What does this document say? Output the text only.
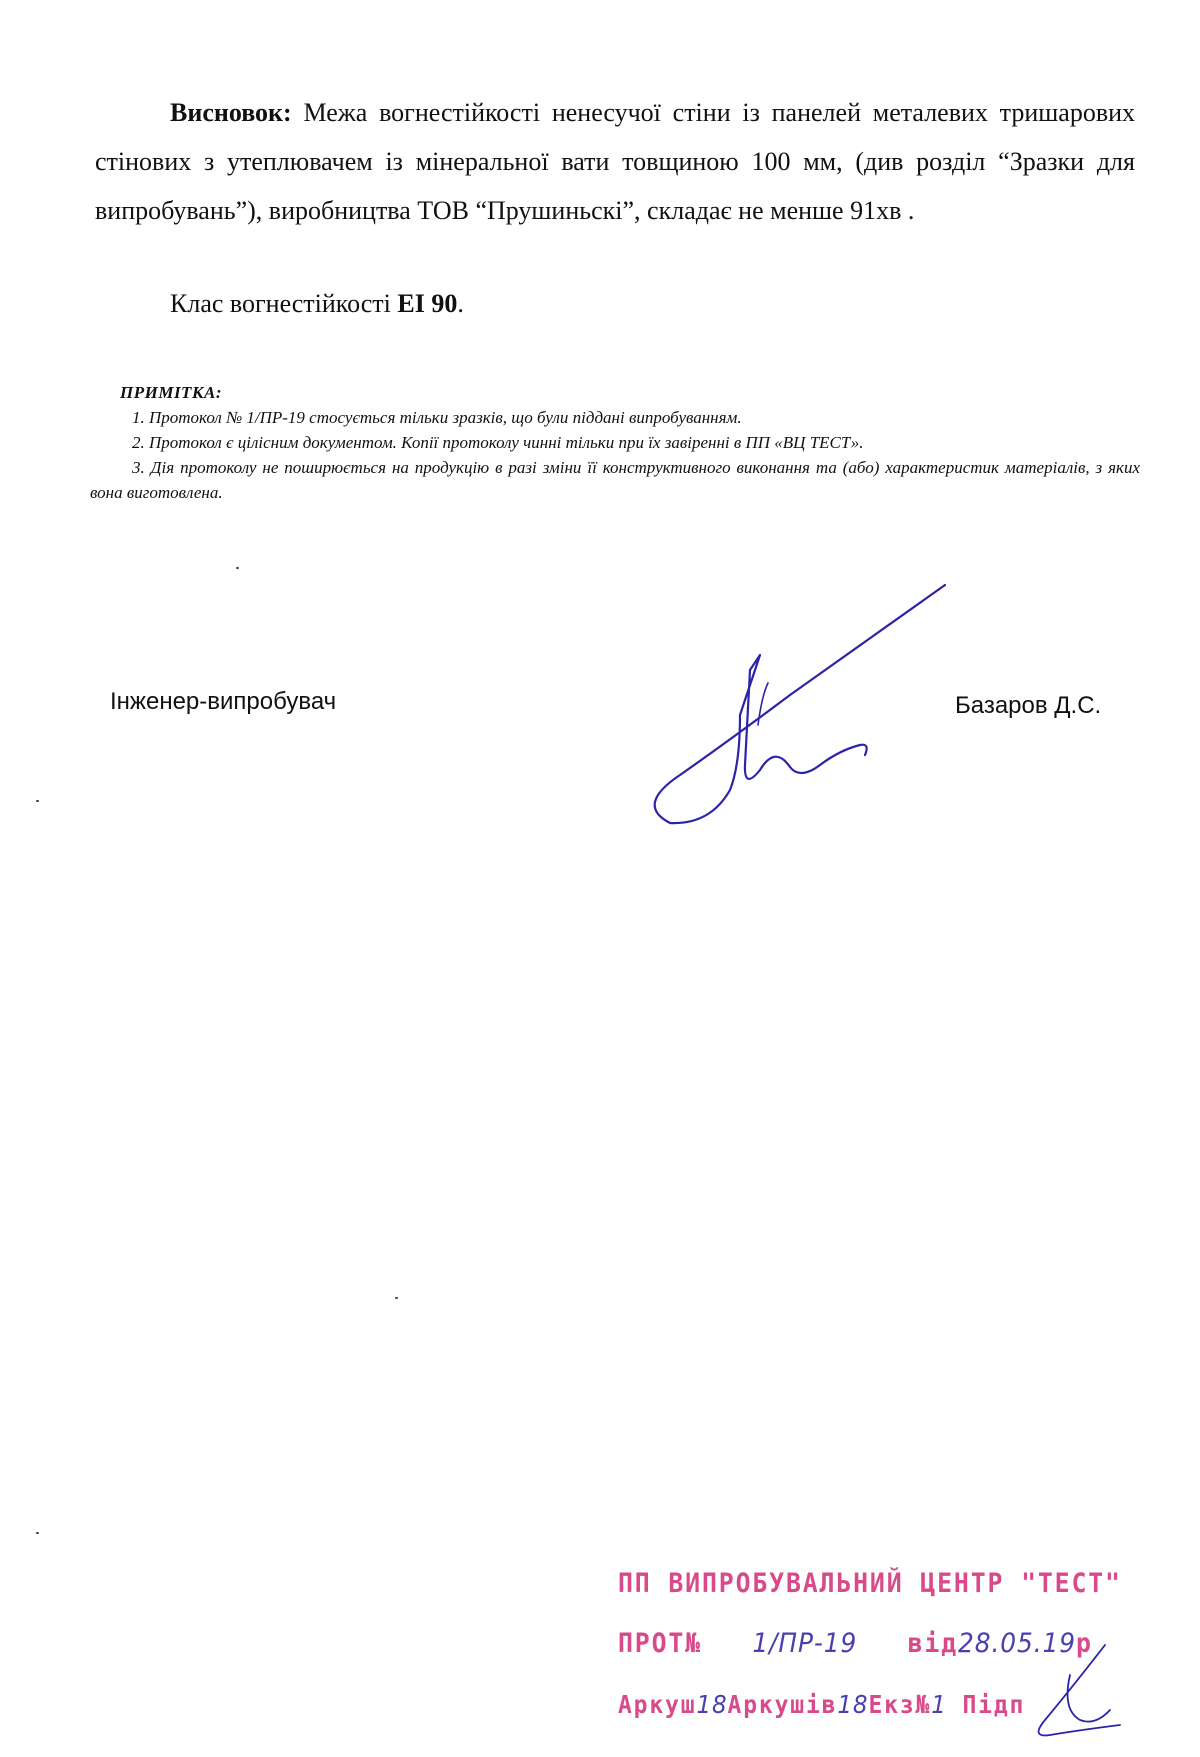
Висновок: Межа вогнестійкості ненесучої стіни із панелей металевих тришарових стінових з утеплювачем із мінеральної вати товщиною 100 мм, (див розділ “Зразки для випробувань”), виробництва ТОВ “Прушиньскі”, складає не менше 91хв .
Клас вогнестійкості EI 90.
ПРИМІТКА:
1. Протокол № 1/ПР-19 стосується тільки зразків, що були піддані випробуванням.
2. Протокол є цілісним документом. Копії протоколу чинні тільки при їх завіренні в ПП «ВЦ ТЕСТ».
3. Дія протоколу не поширюється на продукцію в разі зміни її конструктивного виконання та (або) характеристик матеріалів, з яких вона виготовлена.
Інженер-випробувач	Базаров Д.С.
ПП ВИПРОБУВАЛЬНИЙ ЦЕНТР "ТЕСТ"
ПРОТ№ 1/ПР-19 від28.05.19р
Аркуш18Аркушів18Екз№1 Підп
